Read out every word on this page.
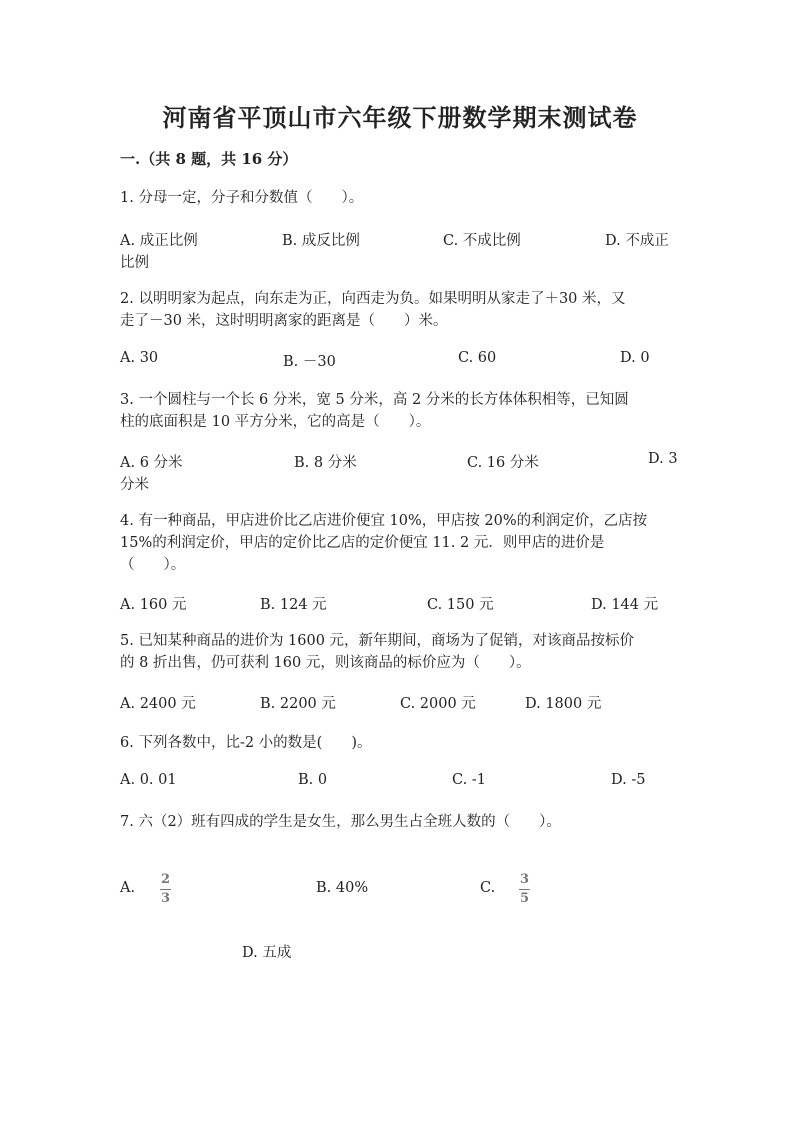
河南省平顶山市六年级下册数学期末测试卷
一.（共 8 题，共 16 分）
1. 分母一定，分子和分数值（　　）。
A. 成正比例	B. 成反比例	C. 不成比例	D. 不成正
比例
2. 以明明家为起点，向东走为正，向西走为负。如果明明从家走了＋30 米，又
走了－30 米，这时明明离家的距离是（　　）米。
A. 30	B. －30	C. 60	D. 0
3. 一个圆柱与一个长 6 分米，宽 5 分米，高 2 分米的长方体体积相等，已知圆
柱的底面积是 10 平方分米，它的高是（　　）。
A. 6 分米	B. 8 分米	C. 16 分米	D. 3
分米
4. 有一种商品，甲店进价比乙店进价便宜 10%，甲店按 20%的利润定价，乙店按
15%的利润定价，甲店的定价比乙店的定价便宜 11. 2 元．则甲店的进价是
（　　）。
A. 160 元	B. 124 元	C. 150 元	D. 144 元
5. 已知某种商品的进价为 1600 元，新年期间，商场为了促销，对该商品按标价
的 8 折出售，仍可获利 160 元，则该商品的标价应为（　　）。
A. 2400 元	B. 2200 元	C. 2000 元	D. 1800 元
6. 下列各数中，比-2 小的数是(　　)。
A. 0. 01	B. 0	C. -1	D. -5
7. 六（2）班有四成的学生是女生，那么男生占全班人数的（　　）。
A.
2
3
B. 40%	C.
3
5
D. 五成
